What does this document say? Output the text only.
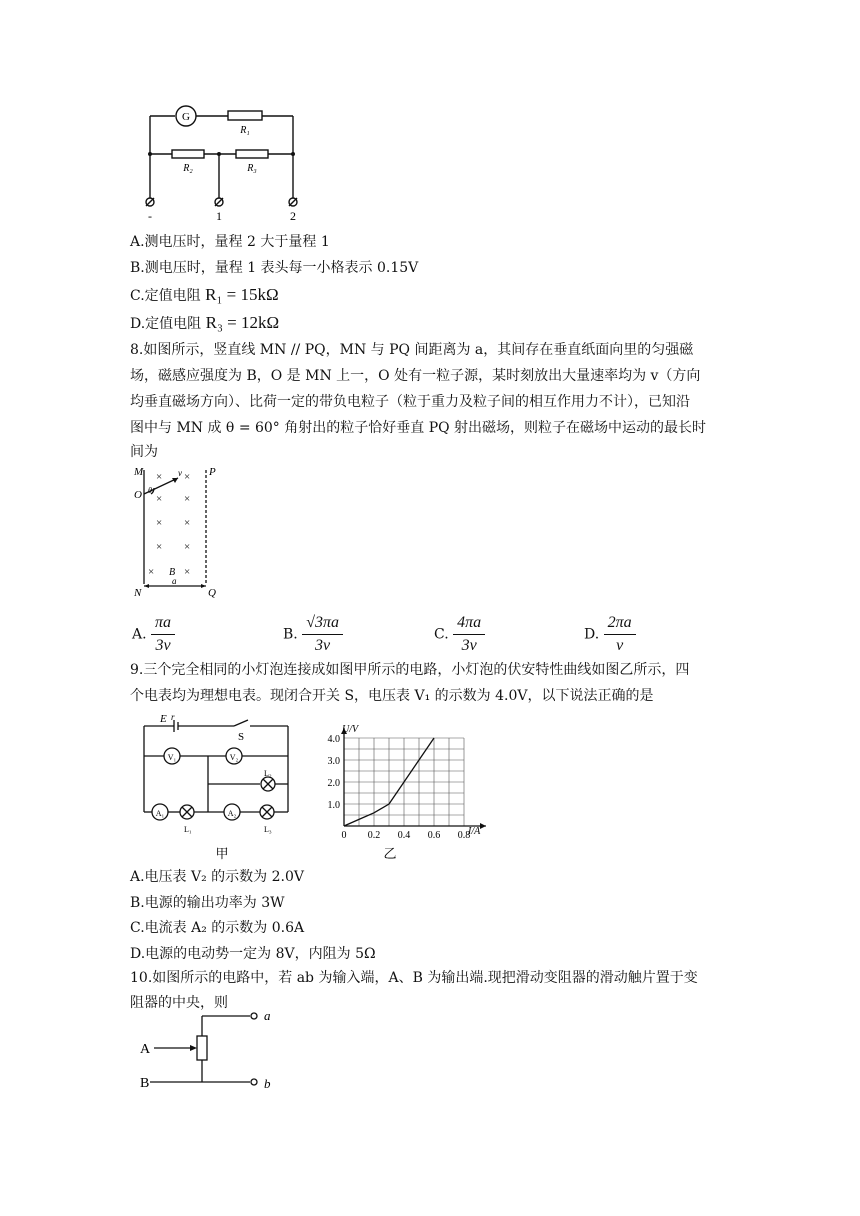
G
R₁
R₂	R₃
-	1	2
A.测电压时，量程 2 大于量程 1
B.测电压时，量程 1 表头每一小格表示 0.15V
C.定值电阻 R₁ = 15kΩ
D.定值电阻 R₃ = 12kΩ
8.如图所示，竖直线 MN // PQ，MN 与 PQ 间距离为 a，其间存在垂直纸面向里的匀强磁
场，磁感应强度为 B，O 是 MN 上一，O 处有一粒子源，某时刻放出大量速率均为 v（方向
均垂直磁场方向）、比荷一定的带负电粒子（粒于重力及粒子间的相互作用力不计），已知沿
图中与 MN 成 θ = 60° 角射出的粒子恰好垂直 PQ 射出磁场，则粒子在磁场中运动的最长时
间为
× ×
× ×
× ×
× ×
×	×
M	P
O θ
v
B
a
N	Q
A. $\frac{\pi a}{3v}$	B. $\frac{√3\pi a}{3v}$	C. $\frac{4\pi a}{3v}$	D. $\frac{2\pi a}{v}$
9.三个完全相同的小灯泡连接成如图甲所示的电路，小灯泡的伏安特性曲线如图乙所示，四
个电表均为理想电表。现闭合开关 S，电压表 V₁ 的示数为 4.0V，以下说法正确的是
E r
S
V₁	V₂
A₁	A₂
L₂
L₁	L₃
甲
0 0.2 0.4 0.6 0.8
1.0
2.0
3.0
4.0
U/V
I/A
乙
A.电压表 V₂ 的示数为 2.0V
B.电源的输出功率为 3W
C.电流表 A₂ 的示数为 0.6A
D.电源的电动势一定为 8V，内阻为 5Ω
10.如图所示的电路中，若 ab 为输入端，A、B 为输出端.现把滑动变阻器的滑动触片置于变
阻器的中央，则
a
b
A
B
